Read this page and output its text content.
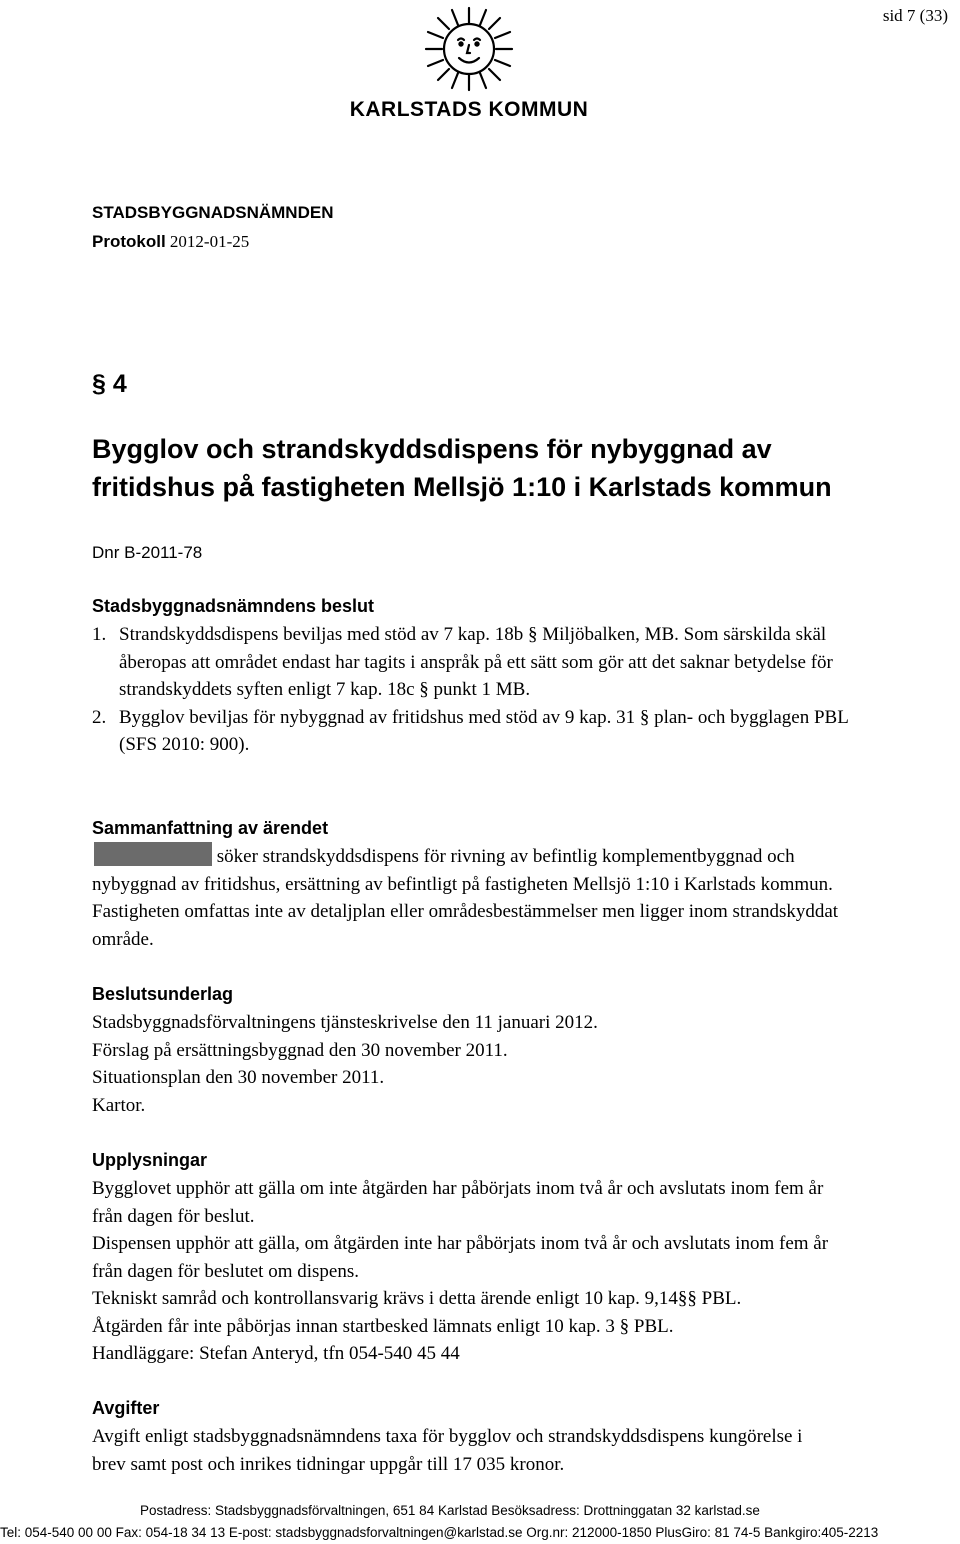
sid 7 (33)
KARLSTADS KOMMUN
STADSBYGGNADSNÄMNDEN
Protokoll 2012-01-25
§ 4
Bygglov och strandskyddsdispens för nybyggnad av fritidshus på fastigheten Mellsjö 1:10 i Karlstads kommun
Dnr B-2011-78
Stadsbyggnadsnämndens beslut
1. Strandskyddsdispens beviljas med stöd av 7 kap. 18b § Miljöbalken, MB. Som särskilda skäl åberopas att området endast har tagits i anspråk på ett sätt som gör att det saknar betydelse för strandskyddets syften enligt 7 kap. 18c § punkt 1 MB.
2. Bygglov beviljas för nybyggnad av fritidshus med stöd av 9 kap. 31 § plan- och bygglagen PBL (SFS 2010: 900).
Sammanfattning av ärendet
söker strandskyddsdispens för rivning av befintlig komplementbyggnad och nybyggnad av fritidshus, ersättning av befintligt på fastigheten Mellsjö 1:10 i Karlstads kommun. Fastigheten omfattas inte av detaljplan eller områdesbestämmelser men ligger inom strandskyddat område.
Beslutsunderlag
Stadsbyggnadsförvaltningens tjänsteskrivelse den 11 januari 2012.
Förslag på ersättningsbyggnad den 30 november 2011.
Situationsplan den 30 november 2011.
Kartor.
Upplysningar
Bygglovet upphör att gälla om inte åtgärden har påbörjats inom två år och avslutats inom fem år från dagen för beslut.
Dispensen upphör att gälla, om åtgärden inte har påbörjats inom två år och avslutats inom fem år från dagen för beslutet om dispens.
Tekniskt samråd och kontrollansvarig krävs i detta ärende enligt 10 kap. 9,14§§ PBL.
Åtgärden får inte påbörjas innan startbesked lämnats enligt 10 kap. 3 § PBL.
Handläggare: Stefan Anteryd, tfn 054-540 45 44
Avgifter
Avgift enligt stadsbyggnadsnämndens taxa för bygglov och strandskyddsdispens kungörelse i brev samt post och inrikes tidningar uppgår till 17 035 kronor.
Postadress: Stadsbyggnadsförvaltningen, 651 84 Karlstad Besöksadress: Drottninggatan 32 karlstad.se
Tel: 054-540 00 00 Fax: 054-18 34 13 E-post: stadsbyggnadsforvaltningen@karlstad.se Org.nr: 212000-1850 PlusGiro: 81 74-5 Bankgiro:405-2213
